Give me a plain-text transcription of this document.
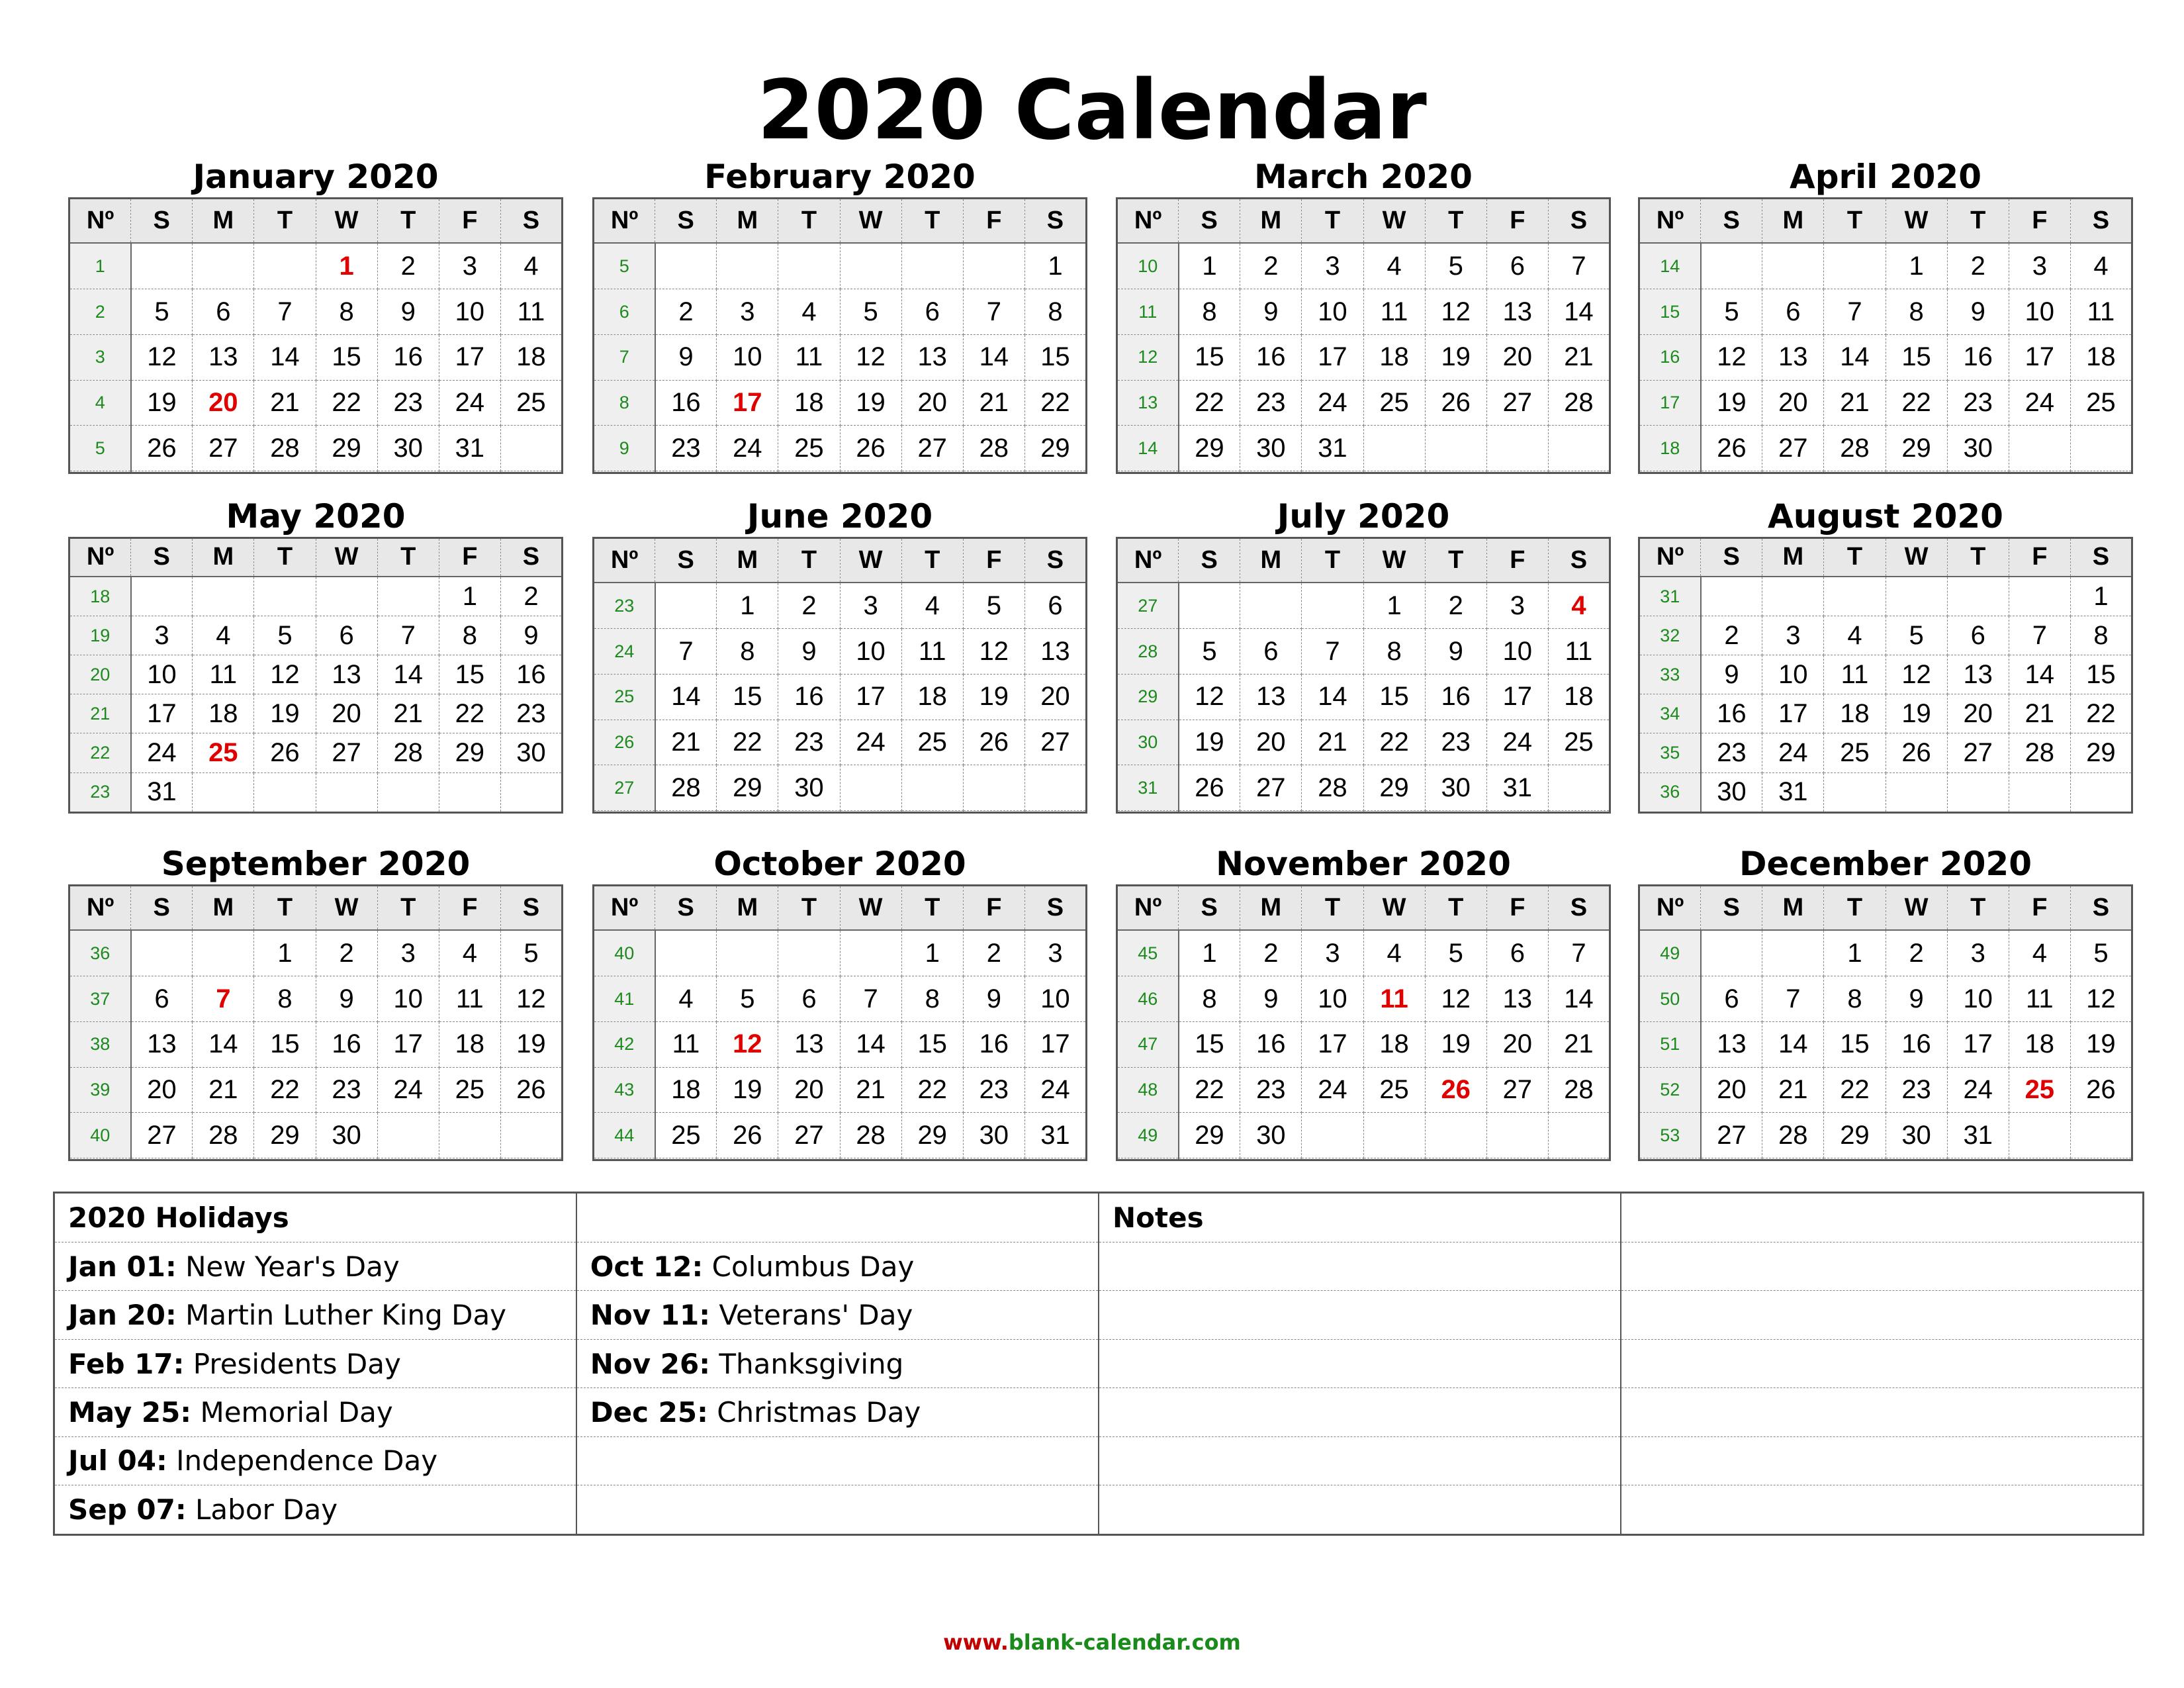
2020 Calendar
January 2020
Nº	S	M	T	W	T	F	S
1				1	2	3	4
2	5	6	7	8	9	10	11
3	12	13	14	15	16	17	18
4	19	20	21	22	23	24	25
5	26	27	28	29	30	31	

February 2020
Nº	S	M	T	W	T	F	S
5							1
6	2	3	4	5	6	7	8
7	9	10	11	12	13	14	15
8	16	17	18	19	20	21	22
9	23	24	25	26	27	28	29

March 2020
Nº	S	M	T	W	T	F	S
10	1	2	3	4	5	6	7
11	8	9	10	11	12	13	14
12	15	16	17	18	19	20	21
13	22	23	24	25	26	27	28
14	29	30	31				

April 2020
Nº	S	M	T	W	T	F	S
14				1	2	3	4
15	5	6	7	8	9	10	11
16	12	13	14	15	16	17	18
17	19	20	21	22	23	24	25
18	26	27	28	29	30		

May 2020
Nº	S	M	T	W	T	F	S
18						1	2
19	3	4	5	6	7	8	9
20	10	11	12	13	14	15	16
21	17	18	19	20	21	22	23
22	24	25	26	27	28	29	30
23	31						
June 2020
Nº	S	M	T	W	T	F	S
23		1	2	3	4	5	6
24	7	8	9	10	11	12	13
25	14	15	16	17	18	19	20
26	21	22	23	24	25	26	27
27	28	29	30				

July 2020
Nº	S	M	T	W	T	F	S
27				1	2	3	4
28	5	6	7	8	9	10	11
29	12	13	14	15	16	17	18
30	19	20	21	22	23	24	25
31	26	27	28	29	30	31	

August 2020
Nº	S	M	T	W	T	F	S
31							1
32	2	3	4	5	6	7	8
33	9	10	11	12	13	14	15
34	16	17	18	19	20	21	22
35	23	24	25	26	27	28	29
36	30	31					
September 2020
Nº	S	M	T	W	T	F	S
36			1	2	3	4	5
37	6	7	8	9	10	11	12
38	13	14	15	16	17	18	19
39	20	21	22	23	24	25	26
40	27	28	29	30			

October 2020
Nº	S	M	T	W	T	F	S
40					1	2	3
41	4	5	6	7	8	9	10
42	11	12	13	14	15	16	17
43	18	19	20	21	22	23	24
44	25	26	27	28	29	30	31

November 2020
Nº	S	M	T	W	T	F	S
45	1	2	3	4	5	6	7
46	8	9	10	11	12	13	14
47	15	16	17	18	19	20	21
48	22	23	24	25	26	27	28
49	29	30					

December 2020
Nº	S	M	T	W	T	F	S
49			1	2	3	4	5
50	6	7	8	9	10	11	12
51	13	14	15	16	17	18	19
52	20	21	22	23	24	25	26
53	27	28	29	30	31		

2020 Holidays		Notes	
Jan 01: New Year's Day	Oct 12: Columbus Day		
Jan 20: Martin Luther King Day	Nov 11: Veterans' Day		
Feb 17: Presidents Day	Nov 26: Thanksgiving		
May 25: Memorial Day	Dec 25: Christmas Day		
Jul 04: Independence Day			
Sep 07: Labor Day			
www.blank-calendar.com
